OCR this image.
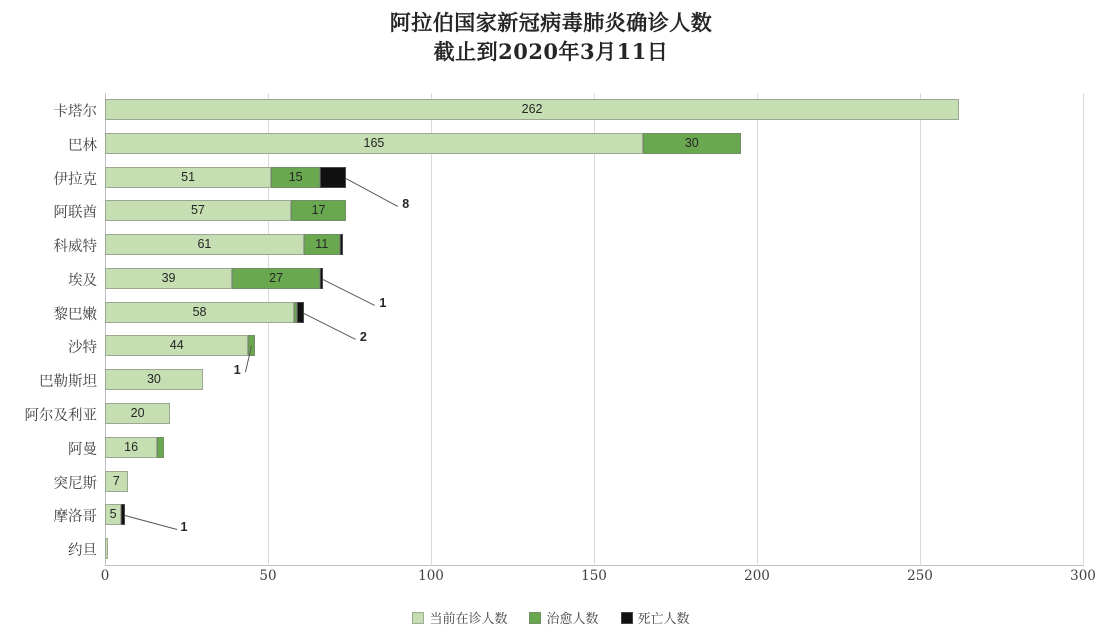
阿拉伯国家新冠病毒肺炎确诊人数
截止到2020年3月11日
卡塔尔	262
巴林	165	30
伊拉克	51	15
8
阿联酋	57	17
科威特	61	11
埃及	39	27
1
黎巴嫩	58
2
沙特	44
1
巴勒斯坦	30
阿尔及利亚	20
阿曼	16
突尼斯	7
摩洛哥	5
1
约旦
0	50	100	150	200	250	300
当前在诊人数	治愈人数	死亡人数
